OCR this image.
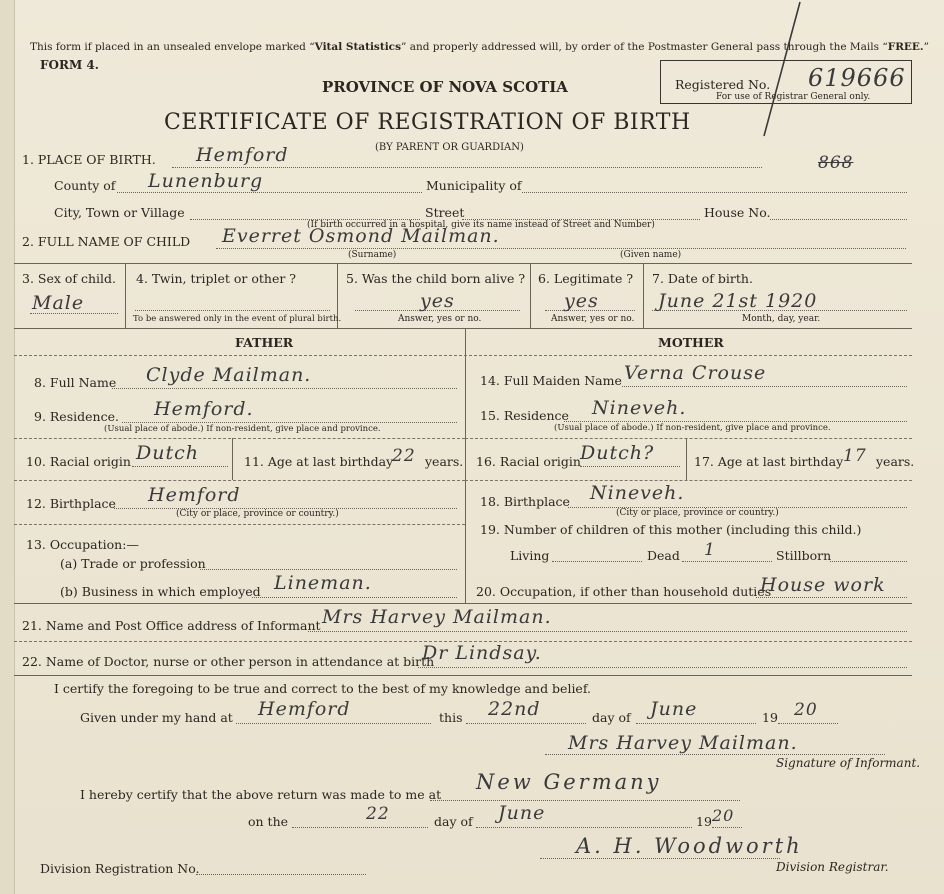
This form if placed in an unsealed envelope marked “Vital Statistics” and properly addressed will, by order of the Postmaster General pass through the Mails “FREE.”
FORM 4.
PROVINCE OF NOVA SCOTIA
CERTIFICATE OF REGISTRATION OF BIRTH
(BY PARENT OR GUARDIAN)
Registered No. 619666
For use of Registrar General only.
868
1. PLACE OF BIRTH. Hemford
County of Lunenburg	Municipality of
City, Town or Village	Street	House No.
(If birth occurred in a hospital, give its name instead of Street and Number)
2. FULL NAME OF CHILD Everret Osmond Mailman.
(Surname)	(Given name)
3. Sex of child.
Male
4. Twin, triplet or other ?
To be answered only in the event of plural birth.
5. Was the child born alive ?
yes
Answer, yes or no.
6. Legitimate ?
yes
Answer, yes or no.
7. Date of birth.
June 21st 1920
Month, day, year.
FATHER	MOTHER
8. Full Name Clyde Mailman.
9. Residence. Hemford.
(Usual place of abode.) If non-resident, give place and province.
10. Racial origin Dutch	11. Age at last birthday
22 years.
12. Birthplace Hemford
(City or place, province or country.)
13. Occupation:—
(a) Trade or profession
(b) Business in which employed Lineman.
14. Full Maiden Name Verna Crouse
15. Residence Nineveh.
(Usual place of abode.) If non-resident, give place and province.
16. Racial origin Dutch?	17. Age at last birthday 17 years.
18. Birthplace Nineveh.
(City or place, province or country.)
19. Number of children of this mother (including this child.)
Living	Dead 1	Stillborn
20. Occupation, if other than household duties
House work
21. Name and Post Office address of Informant Mrs Harvey Mailman.
22. Name of Doctor, nurse or other person in attendance at birth
Dr Lindsay.
I certify the foregoing to be true and correct to the best of my knowledge and belief.
Given under my hand at Hemford	this 22nd	day of June	19 20
Mrs Harvey Mailman.
Signature of Informant.
I hereby certify that the above return was made to me at
New Germany
on the	22	day of June	19 20
Division Registration No.
A. H. Woodworth
Division Registrar.
